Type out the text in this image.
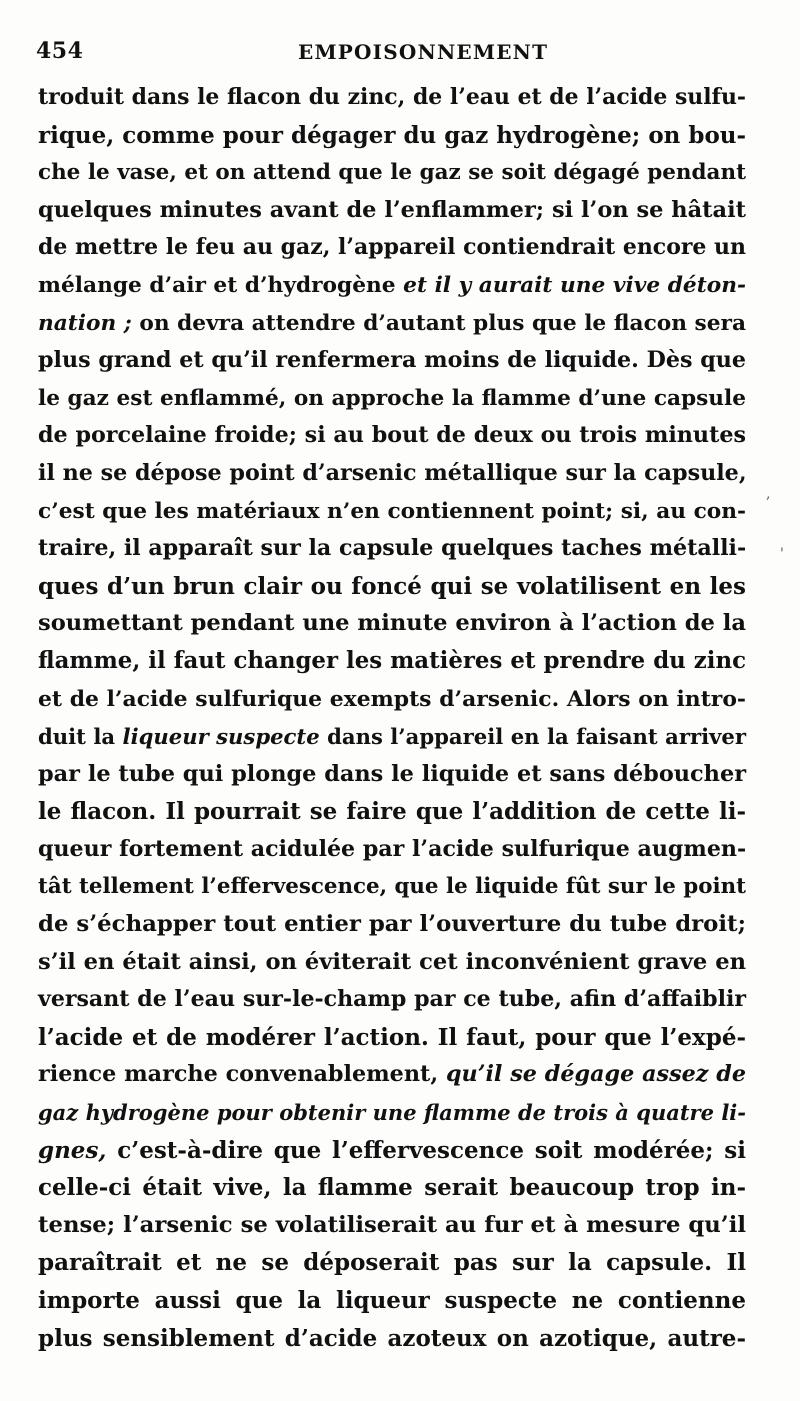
454	EMPOISONNEMENT
troduit dans le flacon du zinc, de l’eau et de l’acide sulfu-
rique, comme pour dégager du gaz hydrogène; on bou-
che le vase, et on attend que le gaz se soit dégagé pendant
quelques minutes avant de l’enflammer; si l’on se hâtait
de mettre le feu au gaz, l’appareil contiendrait encore un
mélange d’air et d’hydrogène et il y aurait une vive déton-
nation ; on devra attendre d’autant plus que le flacon sera
plus grand et qu’il renfermera moins de liquide. Dès que
le gaz est enflammé, on approche la flamme d’une capsule
de porcelaine froide; si au bout de deux ou trois minutes
il ne se dépose point d’arsenic métallique sur la capsule,
c’est que les matériaux n’en contiennent point; si, au con-
traire, il apparaît sur la capsule quelques taches métalli-
ques d’un brun clair ou foncé qui se volatilisent en les
soumettant pendant une minute environ à l’action de la
flamme, il faut changer les matières et prendre du zinc
et de l’acide sulfurique exempts d’arsenic. Alors on intro-
duit la liqueur suspecte dans l’appareil en la faisant arriver
par le tube qui plonge dans le liquide et sans déboucher
le flacon. Il pourrait se faire que l’addition de cette li-
queur fortement acidulée par l’acide sulfurique augmen-
tât tellement l’effervescence, que le liquide fût sur le point
de s’échapper tout entier par l’ouverture du tube droit;
s’il en était ainsi, on éviterait cet inconvénient grave en
versant de l’eau sur-le-champ par ce tube, afin d’affaiblir
l’acide et de modérer l’action. Il faut, pour que l’expé-
rience marche convenablement, qu’il se dégage assez de
gaz hydrogène pour obtenir une flamme de trois à quatre li-
gnes, c’est-à-dire que l’effervescence soit modérée; si
celle-ci était vive, la flamme serait beaucoup trop in-
tense; l’arsenic se volatiliserait au fur et à mesure qu’il
paraîtrait et ne se déposerait pas sur la capsule. Il
importe aussi que la liqueur suspecte ne contienne
plus sensiblement d’acide azoteux on azotique, autre-
,
'
